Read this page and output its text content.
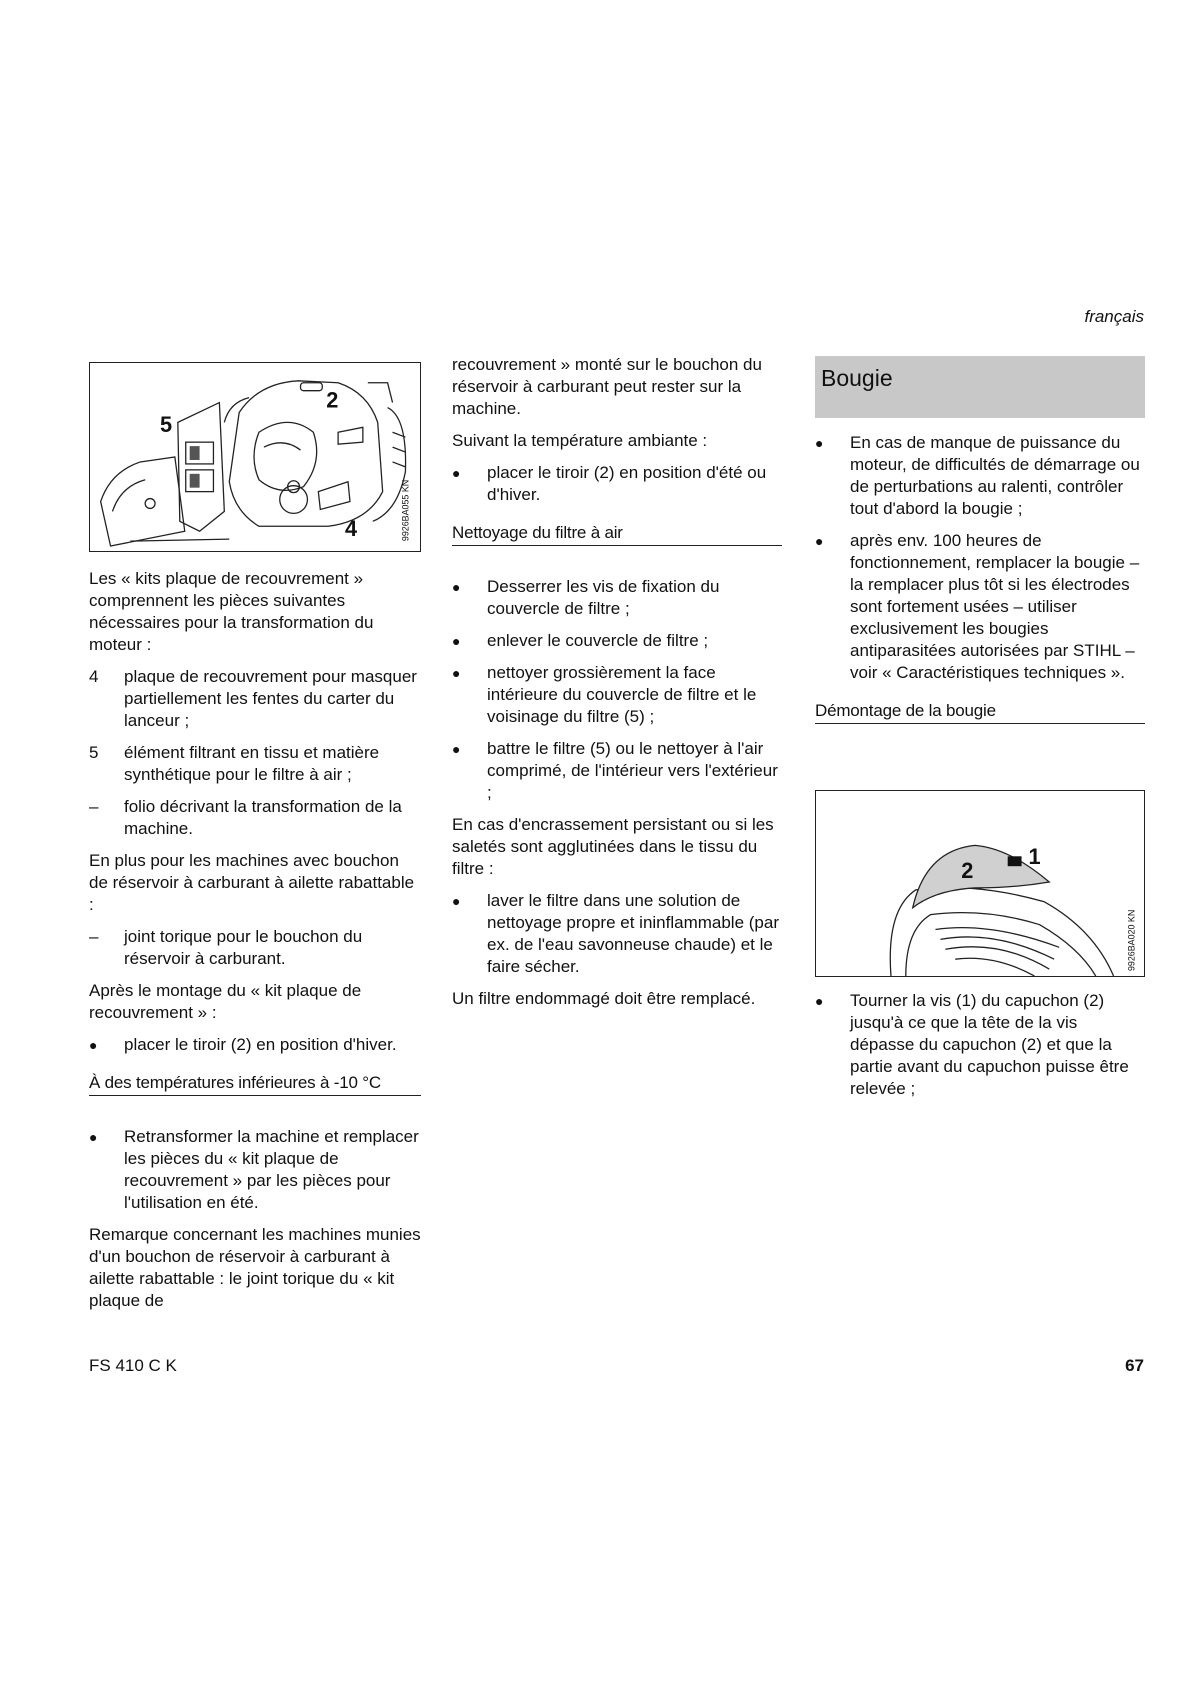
français
5
2
4	9926BA055 KN

Les « kits plaque de recouvrement » comprennent les pièces suivantes nécessaires pour la transformation du moteur :

4	plaque de recouvrement pour masquer partiellement les fentes du carter du lanceur ;
5	élément filtrant en tissu et matière synthétique pour le filtre à air ;
–	folio décrivant la transformation de la machine.

En plus pour les machines avec bouchon de réservoir à carburant à ailette rabattable :

–	joint torique pour le bouchon du réservoir à carburant.

Après le montage du « kit plaque de recouvrement » :

●
placer le tiroir (2) en position d'hiver.
À des températures inférieures à -10 °C
●
Retransformer la machine et remplacer les pièces du « kit plaque de recouvrement » par les pièces pour l'utilisation en été.

Remarque concernant les machines munies d'un bouchon de réservoir à carburant à ailette rabattable : le joint torique du « kit plaque de

recouvrement » monté sur le bouchon du réservoir à carburant peut rester sur la machine.

Suivant la température ambiante :

●
placer le tiroir (2) en position d'été ou d'hiver.
Nettoyage du filtre à air
●
Desserrer les vis de fixation du couvercle de filtre ;
●
enlever le couvercle de filtre ;
●
nettoyer grossièrement la face intérieure du couvercle de filtre et le voisinage du filtre (5) ;
●
battre le filtre (5) ou le nettoyer à l'air comprimé, de l'intérieur vers l'extérieur ;

En cas d'encrassement persistant ou si les saletés sont agglutinées dans le tissu du filtre :

●
laver le filtre dans une solution de nettoyage propre et ininflammable (par ex. de l'eau savonneuse chaude) et le faire sécher.

Un filtre endommagé doit être remplacé.

Bougie
●
En cas de manque de puissance du moteur, de difficultés de démarrage ou de perturbations au ralenti, contrôler tout d'abord la bougie ;
●
après env. 100 heures de fonctionnement, remplacer la bougie – la remplacer plus tôt si les électrodes sont fortement usées – utiliser exclusivement les bougies antiparasitées autorisées par STIHL – voir « Caractéristiques techniques ».
Démontage de la bougie
2
1
9926BA020 KN
●
Tourner la vis (1) du capuchon (2) jusqu'à ce que la tête de la vis dépasse du capuchon (2) et que la partie avant du capuchon puisse être relevée ;
FS 410 C K	67
